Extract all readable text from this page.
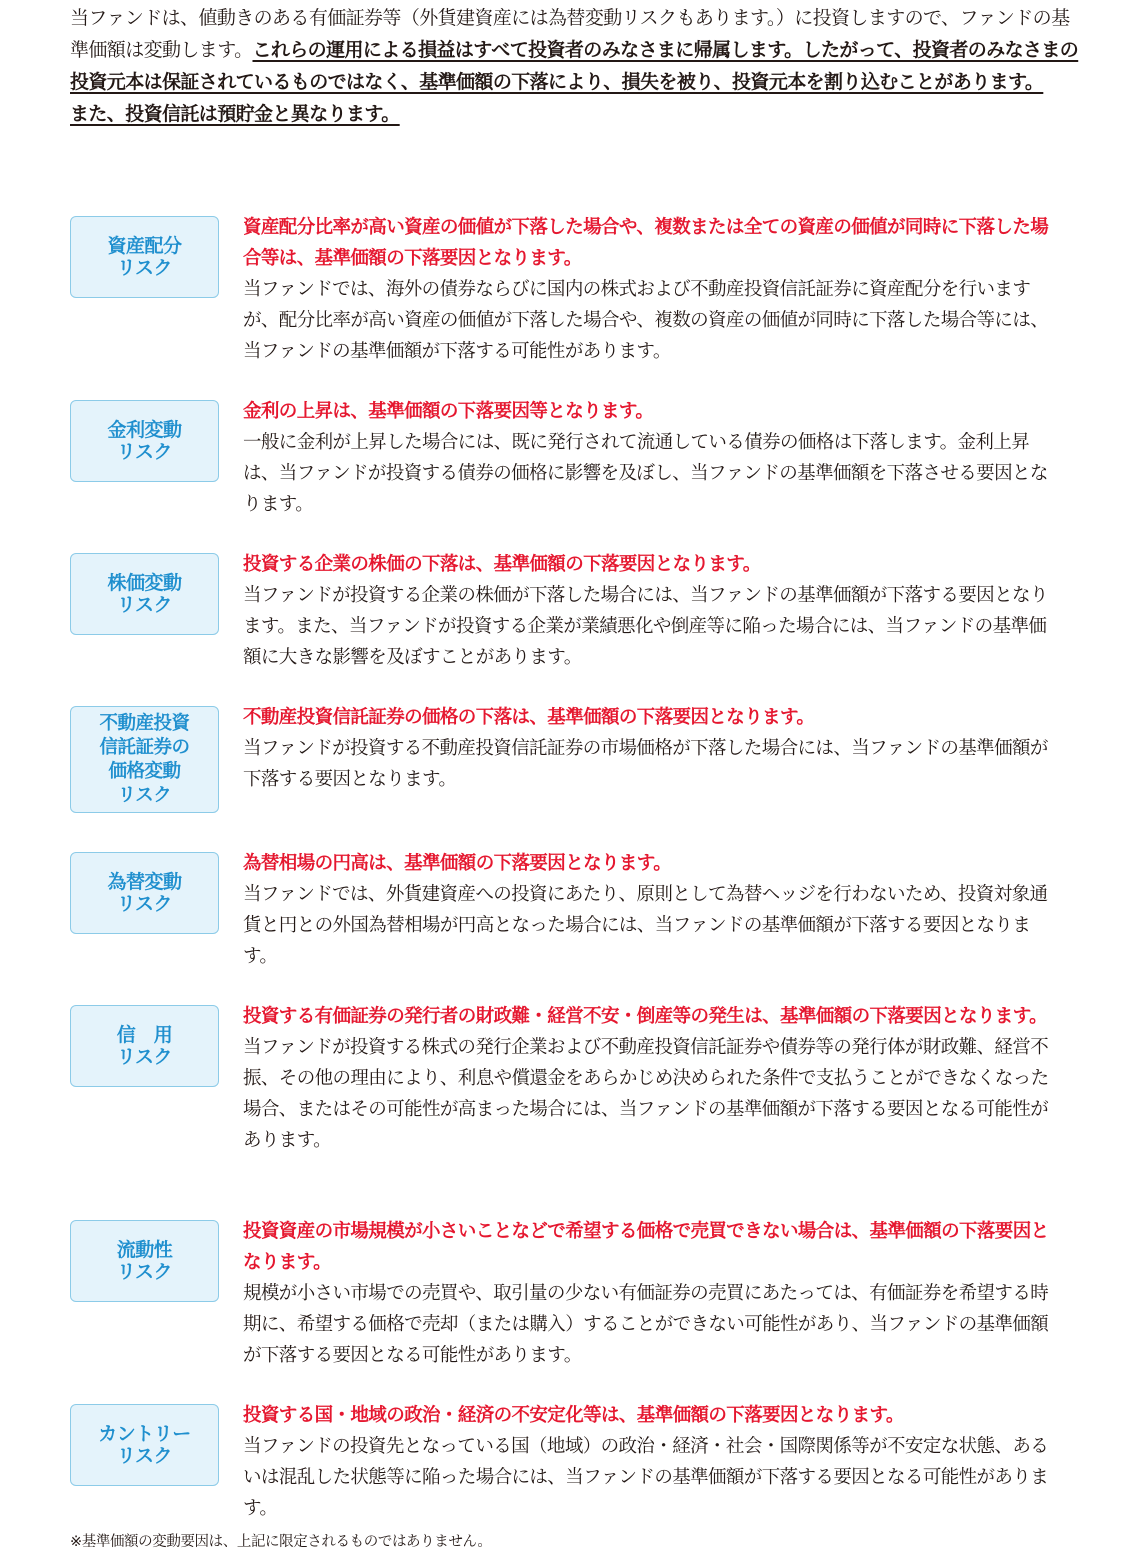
当ファンドは、値動きのある有価証券等（外貨建資産には為替変動リスクもあります。）に投資しますので、ファンドの基準価額は変動します。これらの運用による損益はすべて投資者のみなさまに帰属します。したがって、投資者のみなさまの投資元本は保証されているものではなく、基準価額の下落により、損失を被り、投資元本を割り込むことがあります。
また、投資信託は預貯金と異なります。
資産配分
リスク
資産配分比率が高い資産の価値が下落した場合や、複数または全ての資産の価値が同時に下落した場合等は、基準価額の下落要因となります。
当ファンドでは、海外の債券ならびに国内の株式および不動産投資信託証券に資産配分を行いますが、配分比率が高い資産の価値が下落した場合や、複数の資産の価値が同時に下落した場合等には、当ファンドの基準価額が下落する可能性があります。
金利変動
リスク
金利の上昇は、基準価額の下落要因等となります。
一般に金利が上昇した場合には、既に発行されて流通している債券の価格は下落します。金利上昇は、当ファンドが投資する債券の価格に影響を及ぼし、当ファンドの基準価額を下落させる要因となります。
株価変動
リスク
投資する企業の株価の下落は、基準価額の下落要因となります。
当ファンドが投資する企業の株価が下落した場合には、当ファンドの基準価額が下落する要因となります。また、当ファンドが投資する企業が業績悪化や倒産等に陥った場合には、当ファンドの基準価額に大きな影響を及ぼすことがあります。
不動産投資
信託証券の
価格変動
リスク
不動産投資信託証券の価格の下落は、基準価額の下落要因となります。
当ファンドが投資する不動産投資信託証券の市場価格が下落した場合には、当ファンドの基準価額が下落する要因となります。
為替変動
リスク
為替相場の円高は、基準価額の下落要因となります。
当ファンドでは、外貨建資産への投資にあたり、原則として為替ヘッジを行わないため、投資対象通貨と円との外国為替相場が円高となった場合には、当ファンドの基準価額が下落する要因となります。
信　用
リスク
投資する有価証券の発行者の財政難・経営不安・倒産等の発生は、基準価額の下落要因となります。
当ファンドが投資する株式の発行企業および不動産投資信託証券や債券等の発行体が財政難、経営不振、その他の理由により、利息や償還金をあらかじめ決められた条件で支払うことができなくなった場合、またはその可能性が高まった場合には、当ファンドの基準価額が下落する要因となる可能性があります。
流動性
リスク
投資資産の市場規模が小さいことなどで希望する価格で売買できない場合は、基準価額の下落要因となります。
規模が小さい市場での売買や、取引量の少ない有価証券の売買にあたっては、有価証券を希望する時期に、希望する価格で売却（または購入）することができない可能性があり、当ファンドの基準価額が下落する要因となる可能性があります。
カントリー
リスク
投資する国・地域の政治・経済の不安定化等は、基準価額の下落要因となります。
当ファンドの投資先となっている国（地域）の政治・経済・社会・国際関係等が不安定な状態、あるいは混乱した状態等に陥った場合には、当ファンドの基準価額が下落する要因となる可能性があります。
※基準価額の変動要因は、上記に限定されるものではありません。
